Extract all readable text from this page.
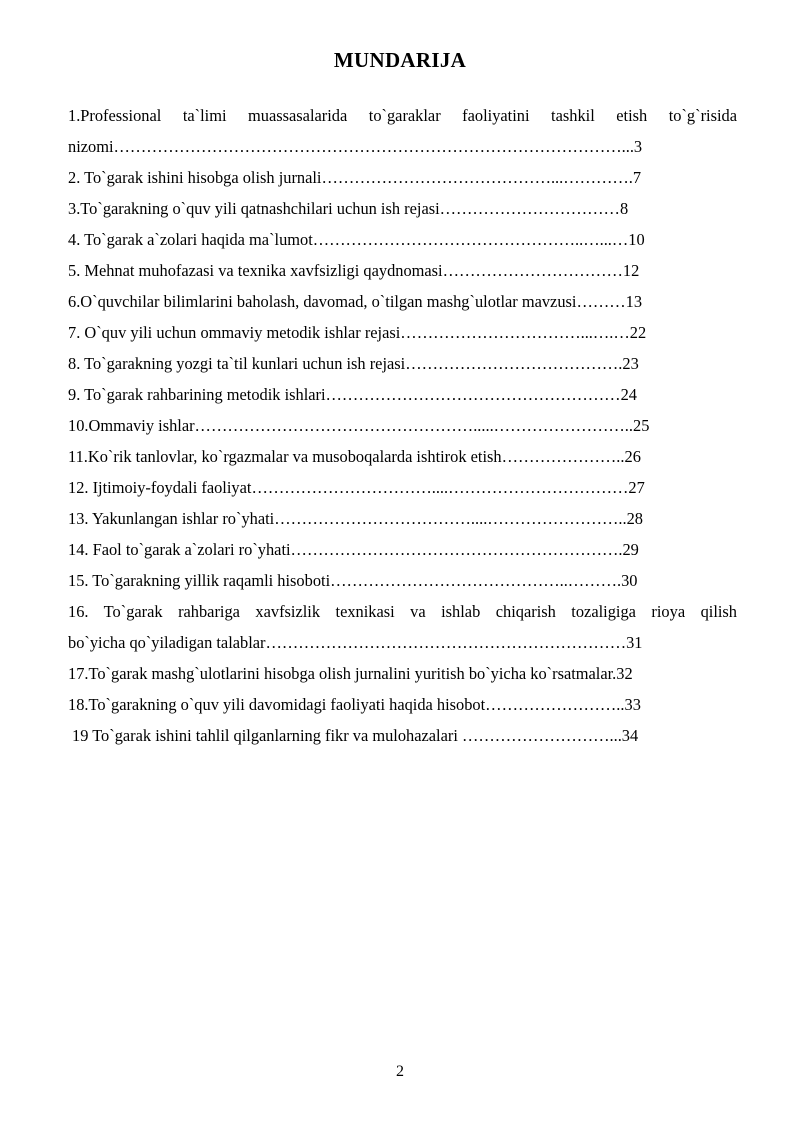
MUNDARIJA
1.Professional ta`limi muassasalarida to`garaklar faoliyatini tashkil etish to`g`risida
nizomi…………………………………………………………………………………...3
2. To`garak ishini hisobga olish jurnali……………………………………...………….7
3.To`garakning o`quv yili qatnashchilari uchun ish rejasi……………………………8
4. To`garak a`zolari haqida ma`lumot…………………………………………..…...…10
5. Mehnat muhofazasi va texnika xavfsizligi qaydnomasi……………………………12
6.O`quvchilar bilimlarini baholash, davomad, o`tilgan mashg`ulotlar mavzusi………13
7. O`quv yili uchun ommaviy metodik ishlar rejasi……………………………...….…22
8. To`garakning yozgi ta`til kunlari uchun ish rejasi………………………………….23
9. To`garak rahbarining metodik ishlari………………………………………………24
10.Ommaviy ishlar…………………………………………….....……………………..25
11.Ko`rik tanlovlar, ko`rgazmalar va musoboqalarda ishtirok etish…………………..26
12. Ijtimoiy-foydali faoliyat……………………………....……………………………27
13. Yakunlangan ishlar ro`yhati………………………………....……………………..28
14. Faol to`garak a`zolari ro`yhati…………………………………………………….29
15. To`garakning yillik raqamli hisoboti……………………………………..……….30
16. To`garak rahbariga xavfsizlik texnikasi va ishlab chiqarish tozaligiga rioya qilish
bo`yicha qo`yiladigan talablar…………………………………………………………31
17.To`garak mashg`ulotlarini hisobga olish jurnalini yuritish bo`yicha ko`rsatmalar.32
18.To`garakning o`quv yili davomidagi faoliyati haqida hisobot……………………..33
19 To`garak ishini tahlil qilganlarning fikr va mulohazalari ………………………...34
2
